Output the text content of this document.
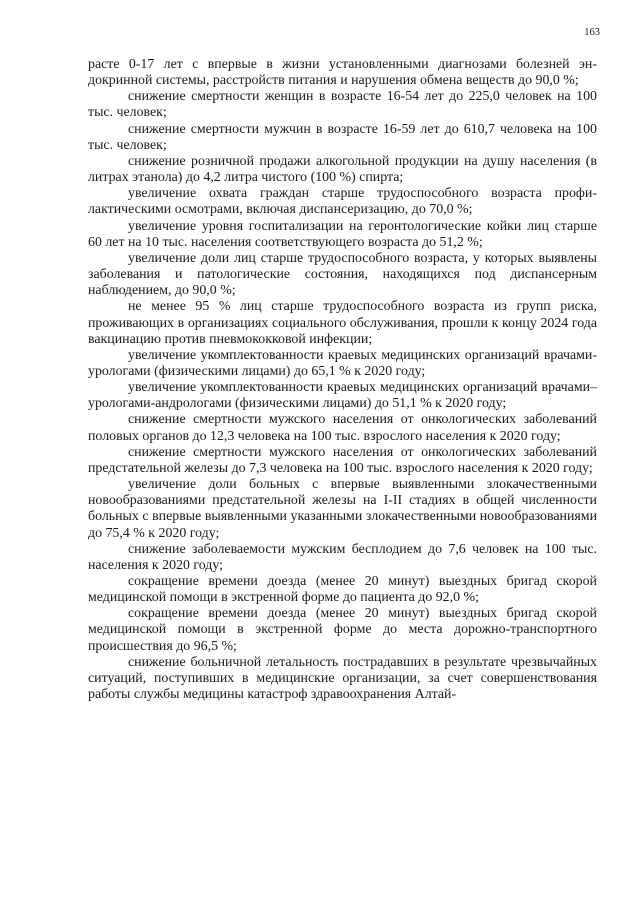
163

расте 0-17 лет с впервые в жизни установленными диагнозами болезней эндокринной системы, расстройств питания и нарушения обмена веществ до 90,0 %;

снижение смертности женщин в возрасте 16-54 лет до 225,0 человек на 100 тыс. человек;

снижение смертности мужчин в возрасте 16-59 лет до 610,7 человека на 100 тыс. человек;

снижение розничной продажи алкогольной продукции на душу населения (в литрах этанола) до 4,2 литра чистого (100 %) спирта;

увеличение охвата граждан старше трудоспособного возраста профилактическими осмотрами, включая диспансеризацию, до 70,0 %;

увеличение уровня госпитализации на геронтологические койки лиц старше 60 лет на 10 тыс. населения соответствующего возраста до 51,2 %;

увеличение доли лиц старше трудоспособного возраста, у которых выявлены заболевания и патологические состояния, находящихся под диспансерным наблюдением, до 90,0 %;

не менее 95 % лиц старше трудоспособного возраста из групп риска, проживающих в организациях социального обслуживания, прошли к концу 2024 года вакцинацию против пневмококковой инфекции;

увеличение укомплектованности краевых медицинских организаций врачами-урологами (физическими лицами) до 65,1 % к 2020 году;

увеличение укомплектованности краевых медицинских организаций врачами–урологами-андрологами (физическими лицами) до 51,1 % к 2020 году;

снижение смертности мужского населения от онкологических заболеваний половых органов до 12,3 человека на 100 тыс. взрослого населения к 2020 году;

снижение смертности мужского населения от онкологических заболеваний предстательной железы до 7,3 человека на 100 тыс. взрослого населения к 2020 году;

увеличение доли больных с впервые выявленными злокачественными новообразованиями предстательной железы на I-II стадиях в общей численности больных с впервые выявленными указанными злокачественными новообразованиями до 75,4 % к 2020 году;

снижение заболеваемости мужским бесплодием до 7,6 человек на 100 тыс. населения к 2020 году;

сокращение времени доезда (менее 20 минут) выездных бригад скорой медицинской помощи в экстренной форме до пациента до 92,0 %;

сокращение времени доезда (менее 20 минут) выездных бригад скорой медицинской помощи в экстренной форме до места дорожно-транспортного происшествия до 96,5 %;

снижение больничной летальность пострадавших в результате чрезвычайных ситуаций, поступивших в медицинские организации, за счет совершенствования работы службы медицины катастроф здравоохранения Алтай-
